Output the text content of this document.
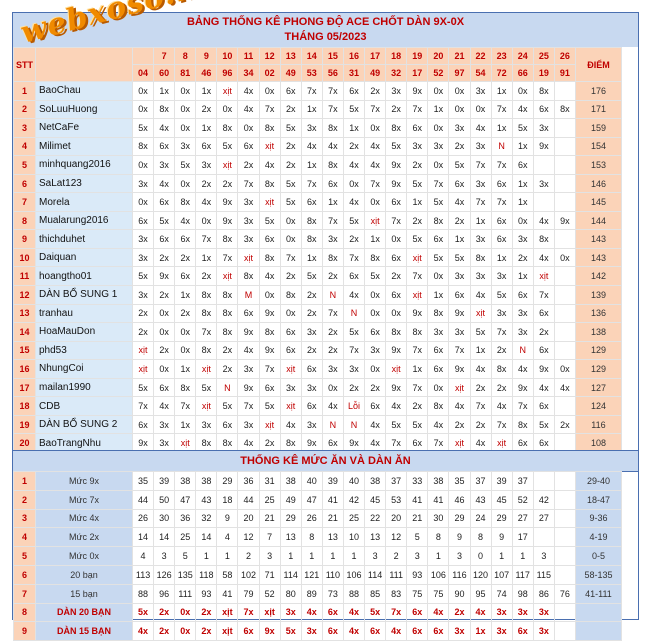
BẢNG THỐNG KÊ PHONG ĐỘ ACE CHỐT DÀN 9X-0X
THÁNG 05/2023
STT			7	8	9	10	11	12	13	14	15	16	17	18	19	20	21	22	23	24	25	26	ĐIỂM
		04	60	81	46	96	34	02	49	53	56	31	49	32	17	52	97	54	72	66	19	91	
1	BaoChau	0x	1x	0x	1x	xịt	4x	0x	6x	7x	7x	6x	2x	3x	9x	0x	0x	3x	1x	0x	8x		176
2	SoLuuHuong	0x	8x	0x	2x	0x	4x	7x	2x	1x	7x	5x	7x	2x	7x	1x	0x	0x	7x	4x	6x	8x	171
3	NetCaFe	5x	4x	0x	1x	8x	0x	8x	5x	3x	8x	1x	0x	8x	6x	0x	3x	4x	1x	5x	3x		159
4	Milimet	8x	6x	3x	6x	5x	6x	xịt	2x	4x	4x	2x	4x	5x	3x	3x	2x	3x	N	1x	9x		154
5	minhquang2016	0x	3x	5x	3x	xịt	2x	4x	2x	1x	8x	4x	4x	9x	2x	0x	5x	7x	7x	6x			153
6	SaLat123	3x	4x	0x	2x	2x	7x	8x	5x	7x	6x	0x	7x	9x	5x	7x	6x	3x	6x	1x	3x		146
7	Morela	0x	6x	8x	4x	9x	3x	xịt	5x	6x	1x	4x	0x	6x	1x	5x	4x	7x	7x	1x			145
8	Mualarung2016	6x	5x	4x	0x	9x	3x	5x	0x	8x	7x	5x	xịt	7x	2x	8x	2x	1x	6x	0x	4x	9x	144
9	thichduhet	3x	6x	6x	7x	8x	3x	6x	0x	8x	3x	2x	1x	0x	5x	6x	1x	3x	6x	3x	8x		143
10	Daiquan	3x	2x	2x	1x	7x	xịt	8x	7x	1x	8x	7x	8x	6x	xịt	5x	5x	8x	1x	2x	4x	0x	143
11	hoangtho01	5x	9x	6x	2x	xịt	8x	4x	2x	5x	2x	6x	5x	2x	7x	0x	3x	3x	3x	1x	xịt		142
12	DÀN BỔ SUNG 1	3x	2x	1x	8x	8x	M	0x	8x	2x	N	4x	0x	6x	xịt	1x	6x	4x	5x	6x	7x		139
13	tranhau	2x	0x	2x	8x	8x	6x	9x	0x	2x	7x	N	0x	0x	9x	8x	9x	xịt	3x	3x	6x		136
14	HoaMauDon	2x	0x	0x	7x	8x	9x	8x	6x	3x	2x	5x	6x	8x	8x	3x	3x	5x	7x	3x	2x		138
15	phd53	xịt	2x	0x	8x	2x	4x	9x	6x	2x	2x	7x	3x	9x	7x	6x	7x	1x	2x	N	6x		129
16	NhungCoi	xịt	0x	1x	xịt	2x	3x	7x	xịt	6x	3x	3x	0x	xịt	1x	6x	9x	4x	8x	4x	9x	0x	129
17	mailan1990	5x	6x	8x	5x	N	9x	6x	3x	3x	0x	2x	2x	9x	7x	0x	xịt	2x	2x	9x	4x	4x	127
18	CDB	7x	4x	7x	xịt	5x	7x	5x	xịt	6x	4x	Lỗi	6x	4x	2x	8x	4x	7x	4x	7x	6x		124
19	DÀN BỔ SUNG 2	6x	3x	1x	3x	6x	3x	xịt	4x	3x	N	N	4x	5x	5x	4x	2x	2x	7x	8x	5x	2x	116
20	BaoTrangNhu	9x	3x	xịt	8x	8x	4x	2x	8x	9x	6x	9x	4x	7x	6x	7x	xịt	4x	xịt	6x	6x		108
THỐNG KÊ MỨC ĂN VÀ DÀN ĂN
1	Mức 9x	35	39	38	38	29	36	31	38	40	39	40	38	37	33	38	35	37	39	37			29-40
2	Mức 7x	44	50	47	43	18	44	25	49	47	41	42	45	53	41	41	46	43	45	52	42		18-47
3	Mức 4x	26	30	36	32	9	20	21	29	26	21	25	22	20	21	30	29	24	29	27	27		9-36
4	Mức 2x	14	14	25	14	4	12	7	13	8	13	10	13	12	5	8	9	8	9	17			4-19
5	Mức 0x	4	3	5	1	1	2	3	1	1	1	1	3	2	3	1	3	0	1	1	3		0-5
6	20 bạn	113	126	135	118	58	102	71	114	121	110	106	114	111	93	106	116	120	107	117	115		58-135
7	15 bạn	88	96	111	93	41	79	52	80	89	73	88	85	83	75	75	90	95	74	98	86	76	41-111
8	DÀN 20 BẠN	5x	2x	0x	2x	xịt	7x	xịt	3x	4x	6x	4x	5x	7x	6x	4x	2x	4x	3x	3x	3x		
9	DÀN 15 BẠN	4x	2x	0x	2x	xịt	6x	9x	5x	3x	6x	4x	6x	4x	6x	6x	3x	1x	3x	6x	3x		
